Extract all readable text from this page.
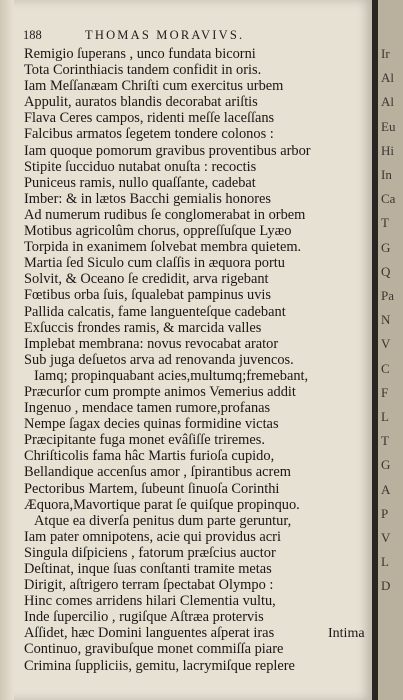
188	THOMAS MORAVIVS.
Remigio ſuperans , unco fundata bicorni
Tota Corinthiacis tandem confidit in oris.
Iam Meſſanæam Chriſti cum exercitus urbem
Appulit, auratos blandis decorabat ariſtis
Flava Ceres campos, ridenti meſſe laceſſans
Falcibus armatos ſegetem tondere colonos :
Iam quoque pomorum gravibus proventibus arbor
Stipite ſucciduo nutabat onuſta : recoctis
Puniceus ramis, nullo quaſſante, cadebat
Imber: & in lætos Bacchi gemialis honores
Ad numerum rudibus ſe conglomerabat in orbem
Motibus agricolûm chorus, oppreſſuſque Lyæo
Torpida in exanimem ſolvebat membra quietem.
Martia ſed Siculo cum claſſis in æquora portu
Solvit, & Oceano ſe credidit, arva rigebant
Fœtibus orba ſuis, ſqualebat pampinus uvis
Pallida calcatis, fame languenteſque cadebant
Exſuccis frondes ramis, & marcida valles
Implebat membrana: novus revocabat arator
Sub juga deſuetos arva ad renovanda juvencos.
Iamq; propinquabant acies,multumq;fremebant,
Præcurſor cum prompte animos Vemerius addit
Ingenuo , mendace tamen rumore,profanas
Nempe ſagax decies quinas formidine victas
Præcipitante fuga monet evâſiſſe triremes.
Chriſticolis fama hâc Martis furioſa cupido,
Bellandique accenſus amor , ſpirantibus acrem
Pectoribus Martem, ſubeunt ſinuoſa Corinthi
Æquora,Mavortique parat ſe quiſque propinquo.
Atque ea diverſa penitus dum parte geruntur,
Iam pater omnipotens, acie qui providus acri
Singula diſpiciens , fatorum præſcius auctor
Deſtinat, inque ſuas conſtanti tramite metas
Dirigit, aſtrigero terram ſpectabat Olympo :
Hinc comes arridens hilari Clementia vultu,
Inde ſupercilio , rugiſque Aſtræa protervis
Aſſidet, hæc Domini languentes aſperat iras
Continuo, gravibuſque monet commiſſa piare
Crimina ſuppliciis, gemitu, lacrymiſque replere
Intima
Ir
Al
Al
Eu
Hi
In
Ca
T
G
Q
Pa
N
V
C
F
L
T
G
A
P
V
L
D
